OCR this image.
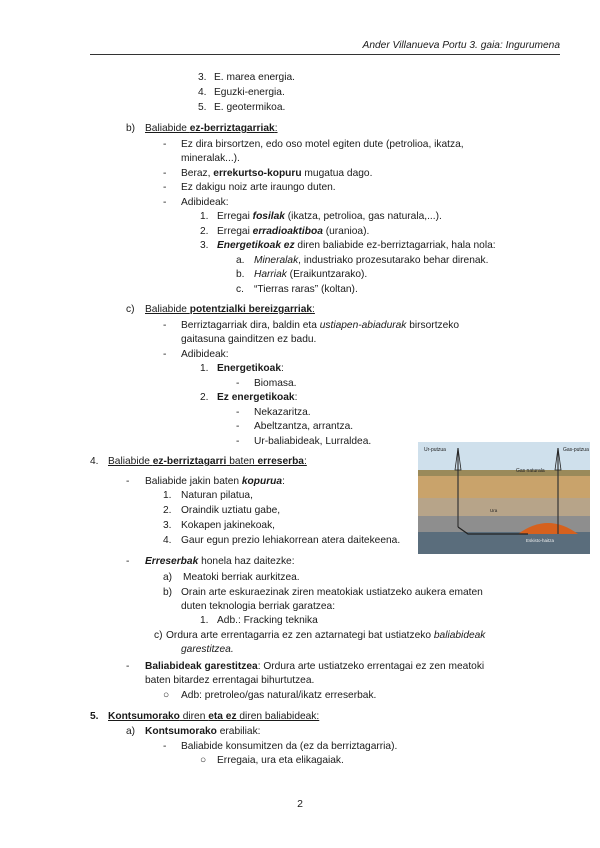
Ander Villanueva Portu 3. gaia: Ingurumena
3. E. marea energia.
4. Eguzki-energia.
5. E. geotermikoa.
b) Baliabide ez-berriztagarriak:
- Ez dira birsortzen, edo oso motel egiten dute (petrolioa, ikatza,
mineralak...).
- Beraz, errekurtso-kopuru mugatua dago.
- Ez dakigu noiz arte iraungo duten.
- Adibideak:
1. Erregai fosilak (ikatza, petrolioa, gas naturala,...).
2. Erregai erradioaktiboa (uranioa).
3. Energetikoak ez diren baliabide ez-berriztagarriak, hala nola:
a. Mineralak, industriako prozesutarako behar direnak.
b. Harriak (Eraikuntzarako).
c. “Tierras raras” (koltan).
c) Baliabide potentzialki bereizgarriak:
- Berriztagarriak dira, baldin eta ustiapen-abiadurak birsortzeko
gaitasuna gainditzen ez badu.
- Adibideak:
1. Energetikoak:
- Biomasa.
2. Ez energetikoak:
- Nekazaritza.
- Abeltzantza, arrantza.
- Ur-baliabideak, Lurraldea.
4. Baliabide ez-berriztagarri baten erreserba:
- Baliabide jakin baten kopurua:
1. Naturan pilatua,
2. Oraindik uztiatu gabe,
3. Kokapen jakinekoak,
4. Gaur egun prezio lehiakorrean atera daitekeena.
Ur-putzua
Gas naturala
Gas-putzua
Ura
Eskisto-haitza
- Erreserbak honela haz daitezke:
a) Meatoki berriak aurkitzea.
b) Orain arte eskuraezinak ziren meatokiak ustiatzeko aukera ematen
duten teknologia berriak garatzea:
1. Adb.: Fracking teknika
c) Ordura arte errentagarria ez zen aztarnategi bat ustiatzeko baliabideak
garestitzea.
- Baliabideak garestitzea: Ordura arte ustiatzeko errentagai ez zen meatoki
baten bitardez errentagai bihurtutzea.
○ Adb: pretroleo/gas natural/ikatz erreserbak.
5. Kontsumorako diren eta ez diren baliabideak:
a) Kontsumorako erabiliak:
- Baliabide konsumitzen da (ez da berriztagarria).
○ Erregaia, ura eta elikagaiak.
2
